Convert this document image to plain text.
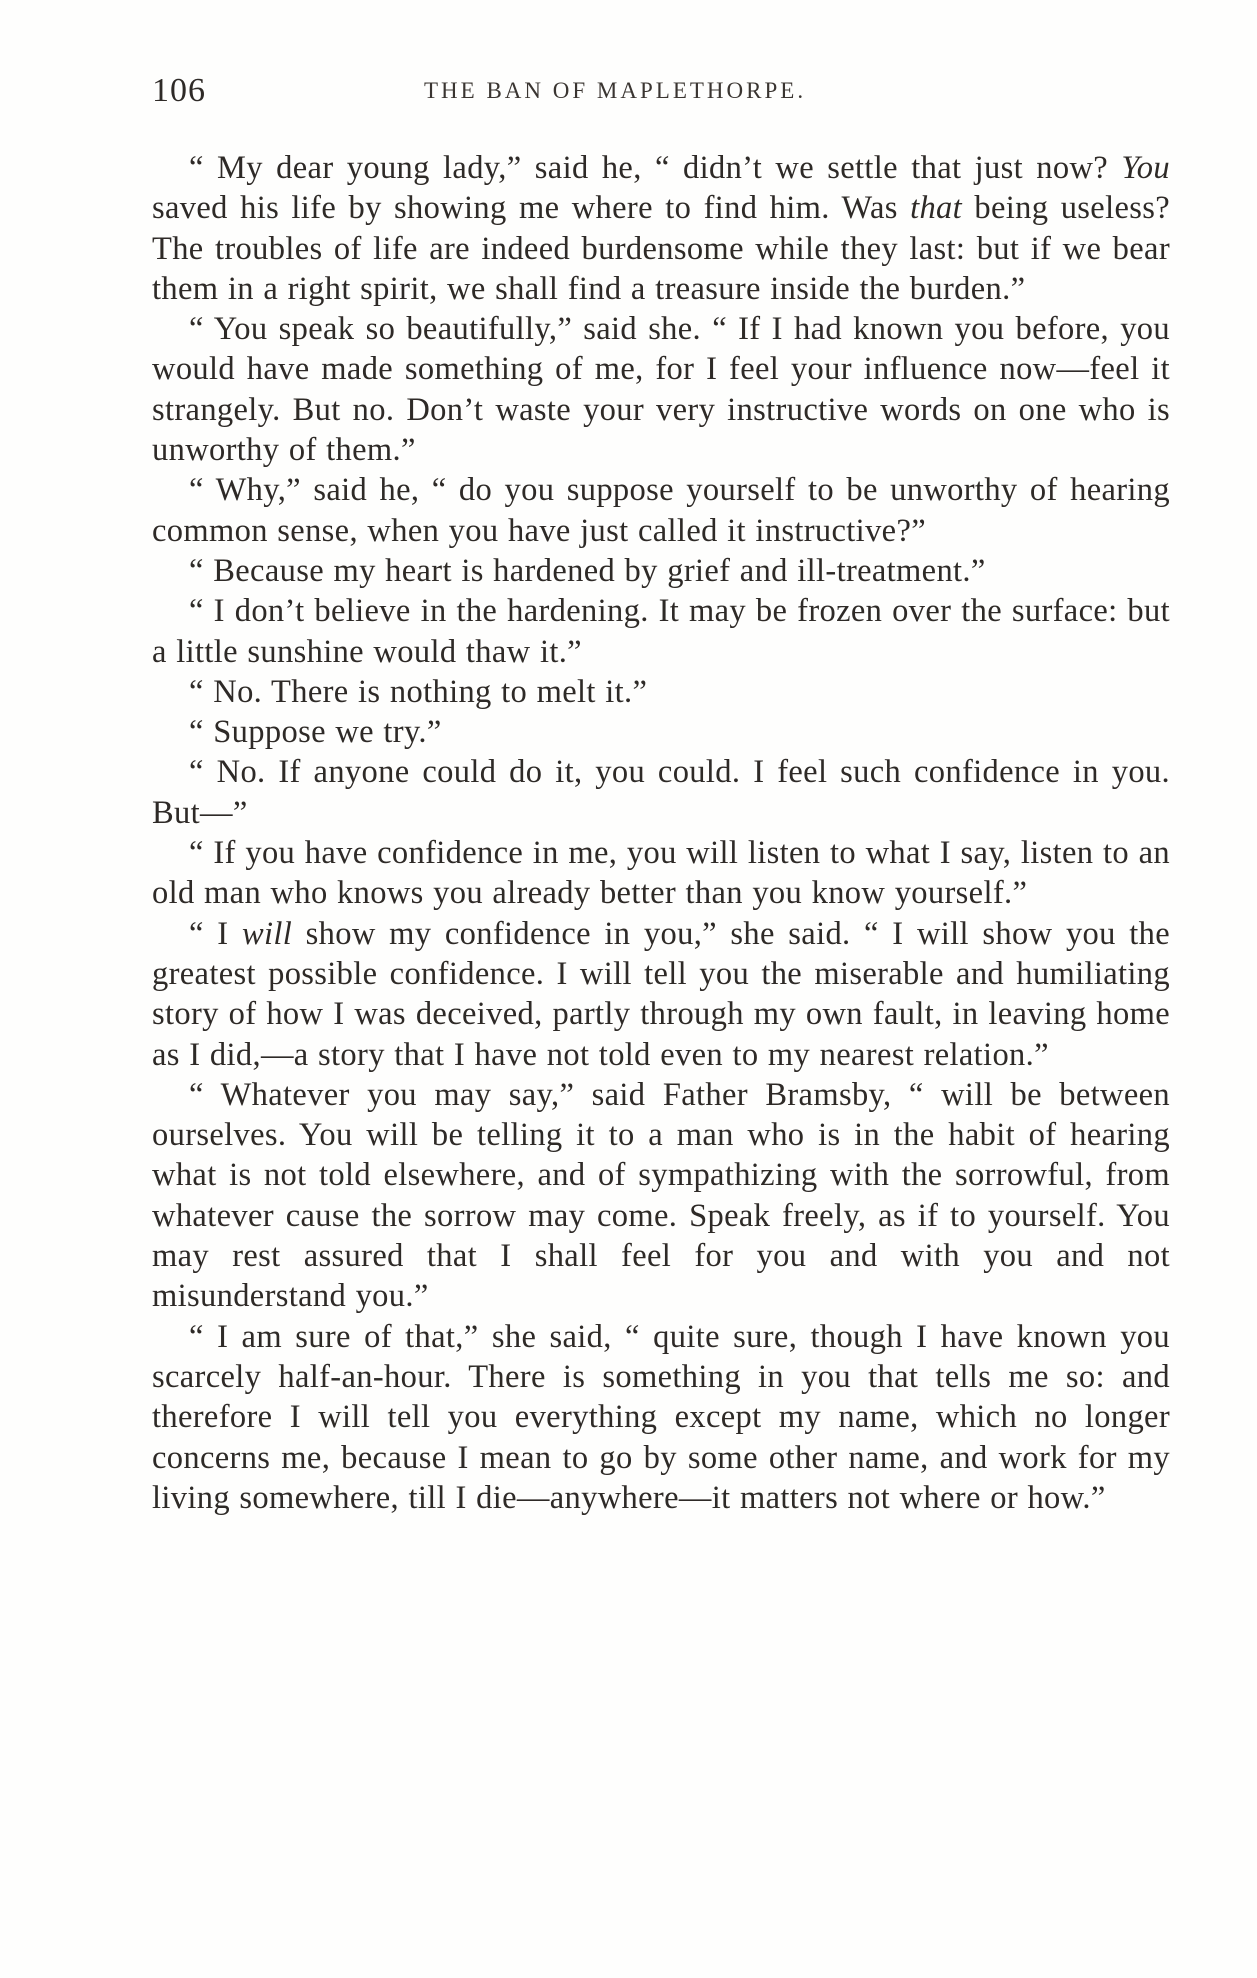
106	THE BAN OF MAPLETHORPE.

“ My dear young lady,” said he, “ didn’t we settle that just now? You saved his life by showing me where to find him. Was that being useless? The troubles of life are indeed burdensome while they last: but if we bear them in a right spirit, we shall find a treasure inside the burden.”

“ You speak so beautifully,” said she. “ If I had known you before, you would have made something of me, for I feel your influence now—feel it strangely. But no. Don’t waste your very instructive words on one who is unworthy of them.”

“ Why,” said he, “ do you suppose yourself to be unworthy of hearing common sense, when you have just called it instructive?”

“ Because my heart is hardened by grief and ill-treatment.”

“ I don’t believe in the hardening. It may be frozen over the surface: but a little sunshine would thaw it.”

“ No. There is nothing to melt it.”

“ Suppose we try.”

“ No. If anyone could do it, you could. I feel such confidence in you. But—”

“ If you have confidence in me, you will listen to what I say, listen to an old man who knows you already better than you know yourself.”

“ I will show my confidence in you,” she said. “ I will show you the greatest possible confidence. I will tell you the miserable and humiliating story of how I was deceived, partly through my own fault, in leaving home as I did,—a story that I have not told even to my nearest relation.”

“ Whatever you may say,” said Father Bramsby, “ will be between ourselves. You will be telling it to a man who is in the habit of hearing what is not told elsewhere, and of sympathizing with the sorrowful, from whatever cause the sorrow may come. Speak freely, as if to yourself. You may rest assured that I shall feel for you and with you and not misunderstand you.”

“ I am sure of that,” she said, “ quite sure, though I have known you scarcely half-an-hour. There is something in you that tells me so: and therefore I will tell you everything except my name, which no longer concerns me, because I mean to go by some other name, and work for my living somewhere, till I die—anywhere—it matters not where or how.”
